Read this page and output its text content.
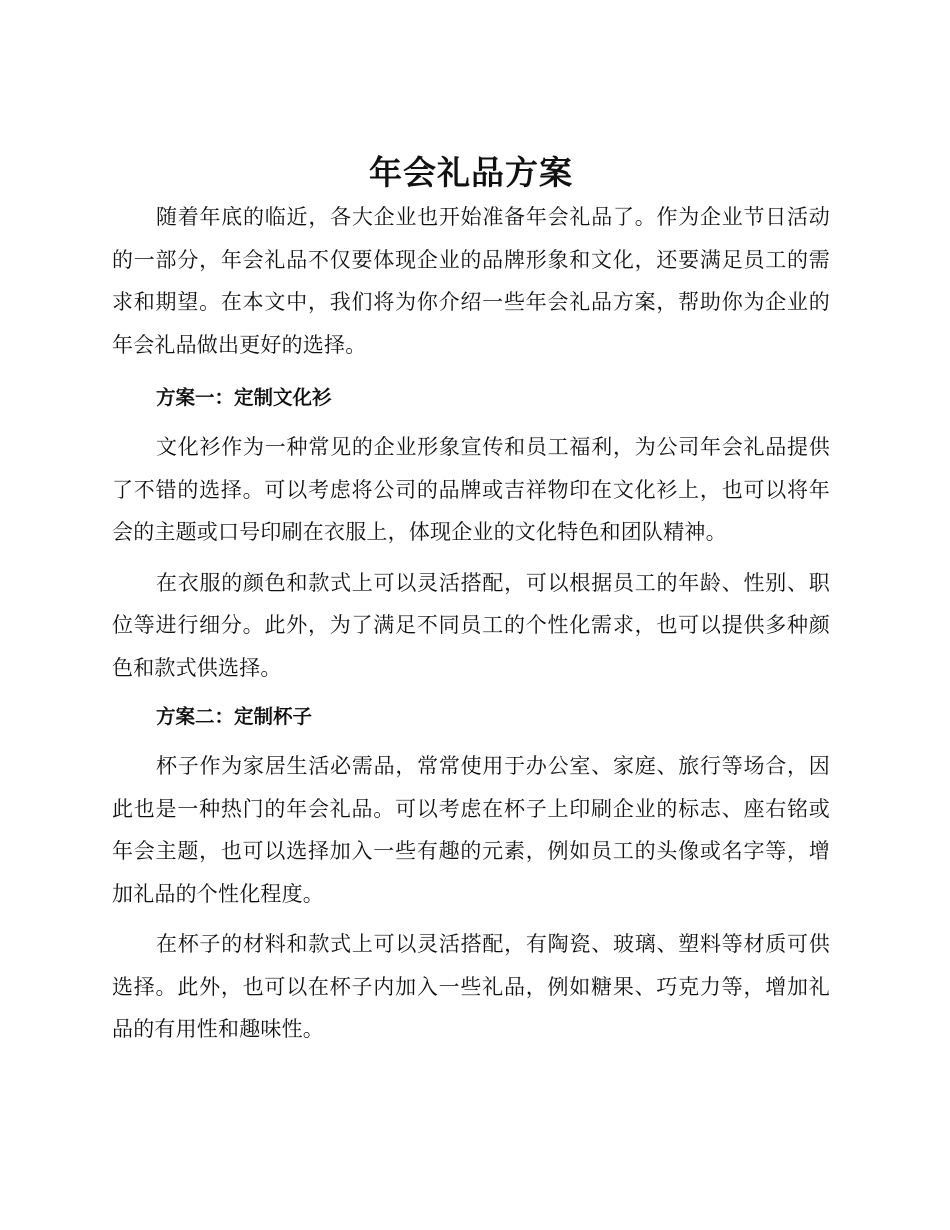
年会礼品方案

随着年底的临近，各大企业也开始准备年会礼品了。作为企业节日活动的一部分，年会礼品不仅要体现企业的品牌形象和文化，还要满足员工的需求和期望。在本文中，我们将为你介绍一些年会礼品方案，帮助你为企业的年会礼品做出更好的选择。

方案一：定制文化衫

文化衫作为一种常见的企业形象宣传和员工福利，为公司年会礼品提供了不错的选择。可以考虑将公司的品牌或吉祥物印在文化衫上，也可以将年会的主题或口号印刷在衣服上，体现企业的文化特色和团队精神。

在衣服的颜色和款式上可以灵活搭配，可以根据员工的年龄、性别、职位等进行细分。此外，为了满足不同员工的个性化需求，也可以提供多种颜色和款式供选择。

方案二：定制杯子

杯子作为家居生活必需品，常常使用于办公室、家庭、旅行等场合，因此也是一种热门的年会礼品。可以考虑在杯子上印刷企业的标志、座右铭或年会主题，也可以选择加入一些有趣的元素，例如员工的头像或名字等，增加礼品的个性化程度。

在杯子的材料和款式上可以灵活搭配，有陶瓷、玻璃、塑料等材质可供选择。此外，也可以在杯子内加入一些礼品，例如糖果、巧克力等，增加礼品的有用性和趣味性。
